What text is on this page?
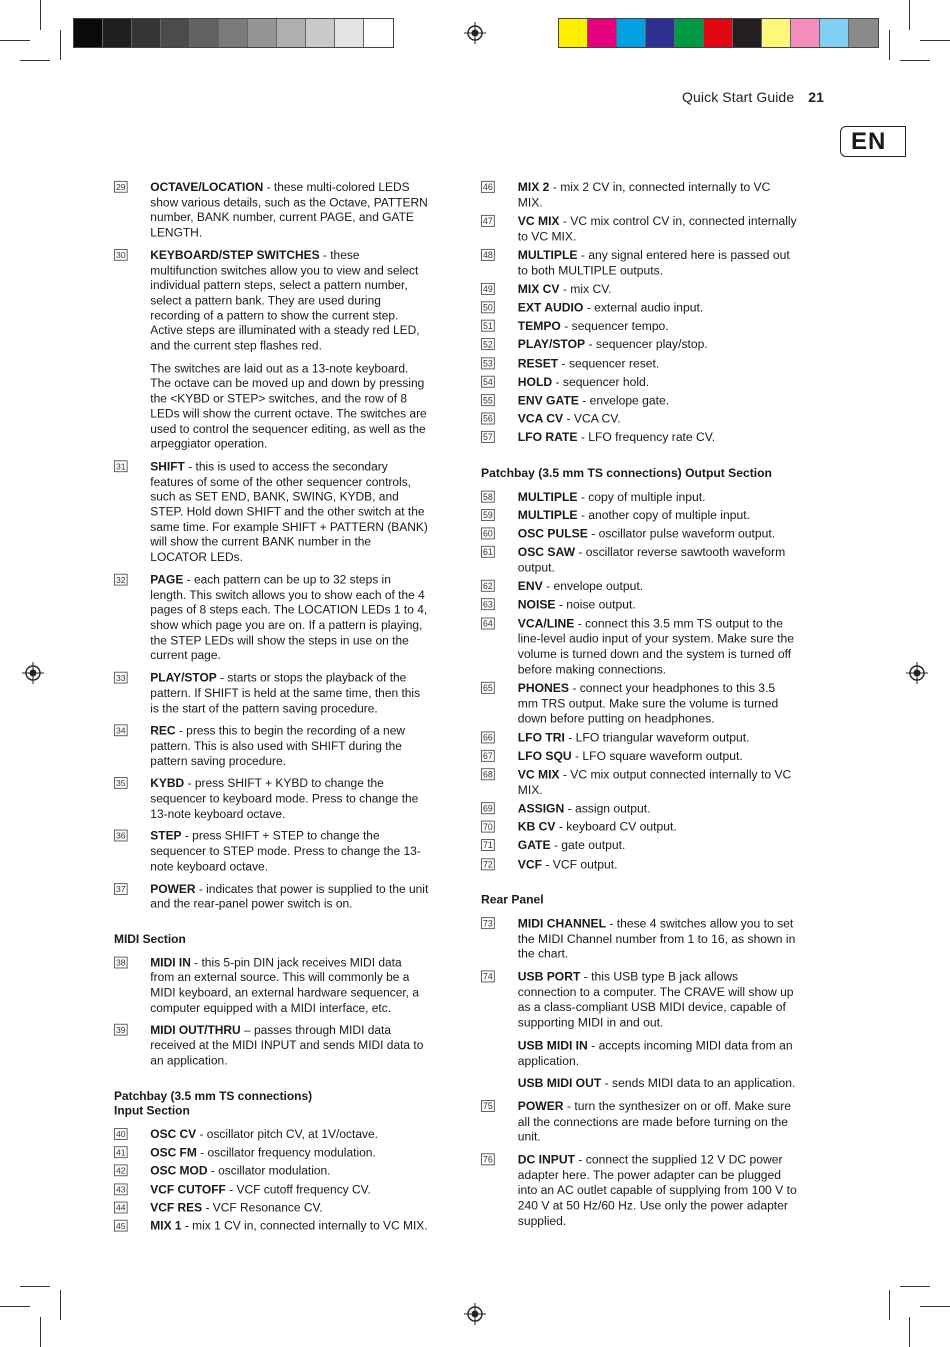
Quick Start Guide 21
EN
29 OCTAVE/LOCATION - these multi-colored LEDS show various details, such as the Octave, PATTERN number, BANK number, current PAGE, and GATE LENGTH.
30 KEYBOARD/STEP SWITCHES - these multifunction switches allow you to view and select individual pattern steps, select a pattern number, select a pattern bank. They are used during recording of a pattern to show the current step. Active steps are illuminated with a steady red LED, and the current step flashes red.
The switches are laid out as a 13-note keyboard. The octave can be moved up and down by pressing the <KYBD or STEP> switches, and the row of 8 LEDs will show the current octave. The switches are used to control the sequencer editing, as well as the arpeggiator operation.
31 SHIFT - this is used to access the secondary features of some of the other sequencer controls, such as SET END, BANK, SWING, KYDB, and STEP. Hold down SHIFT and the other switch at the same time. For example SHIFT + PATTERN (BANK) will show the current BANK number in the LOCATOR LEDs.
32 PAGE - each pattern can be up to 32 steps in length. This switch allows you to show each of the 4 pages of 8 steps each. The LOCATION LEDs 1 to 4, show which page you are on. If a pattern is playing, the STEP LEDs will show the steps in use on the current page.
33 PLAY/STOP - starts or stops the playback of the pattern. If SHIFT is held at the same time, then this is the start of the pattern saving procedure.
34 REC - press this to begin the recording of a new pattern. This is also used with SHIFT during the pattern saving procedure.
35 KYBD - press SHIFT + KYBD to change the sequencer to keyboard mode. Press to change the 13-note keyboard octave.
36 STEP - press SHIFT + STEP to change the sequencer to STEP mode. Press to change the 13-note keyboard octave.
37 POWER - indicates that power is supplied to the unit and the rear-panel power switch is on.
MIDI Section
38 MIDI IN - this 5-pin DIN jack receives MIDI data from an external source. This will commonly be a MIDI keyboard, an external hardware sequencer, a computer equipped with a MIDI interface, etc.
39 MIDI OUT/THRU – passes through MIDI data received at the MIDI INPUT and sends MIDI data to an application.
Patchbay (3.5 mm TS connections)
Input Section
40 OSC CV - oscillator pitch CV, at 1V/octave.
41 OSC FM - oscillator frequency modulation.
42 OSC MOD - oscillator modulation.
43 VCF CUTOFF - VCF cutoff frequency CV.
44 VCF RES - VCF Resonance CV.
45 MIX 1 - mix 1 CV in, connected internally to VC MIX.
46 MIX 2 - mix 2 CV in, connected internally to VC MIX.
47 VC MIX - VC mix control CV in, connected internally to VC MIX.
48 MULTIPLE - any signal entered here is passed out to both MULTIPLE outputs.
49 MIX CV - mix CV.
50 EXT AUDIO - external audio input.
51 TEMPO - sequencer tempo.
52 PLAY/STOP - sequencer play/stop.
53 RESET - sequencer reset.
54 HOLD - sequencer hold.
55 ENV GATE - envelope gate.
56 VCA CV - VCA CV.
57 LFO RATE - LFO frequency rate CV.
Patchbay (3.5 mm TS connections) Output Section
58 MULTIPLE - copy of multiple input.
59 MULTIPLE - another copy of multiple input.
60 OSC PULSE - oscillator pulse waveform output.
61 OSC SAW - oscillator reverse sawtooth waveform output.
62 ENV - envelope output.
63 NOISE - noise output.
64 VCA/LINE - connect this 3.5 mm TS output to the line-level audio input of your system. Make sure the volume is turned down and the system is turned off before making connections.
65 PHONES - connect your headphones to this 3.5 mm TRS output. Make sure the volume is turned down before putting on headphones.
66 LFO TRI - LFO triangular waveform output.
67 LFO SQU - LFO square waveform output.
68 VC MIX - VC mix output connected internally to VC MIX.
69 ASSIGN - assign output.
70 KB CV - keyboard CV output.
71 GATE - gate output.
72 VCF - VCF output.
Rear Panel
73 MIDI CHANNEL - these 4 switches allow you to set the MIDI Channel number from 1 to 16, as shown in the chart.
74 USB PORT - this USB type B jack allows connection to a computer. The CRAVE will show up as a class-compliant USB MIDI device, capable of supporting MIDI in and out.
USB MIDI IN - accepts incoming MIDI data from an application.
USB MIDI OUT - sends MIDI data to an application.
75 POWER - turn the synthesizer on or off. Make sure all the connections are made before turning on the unit.
76 DC INPUT - connect the supplied 12 V DC power adapter here. The power adapter can be plugged into an AC outlet capable of supplying from 100 V to 240 V at 50 Hz/60 Hz. Use only the power adapter supplied.
